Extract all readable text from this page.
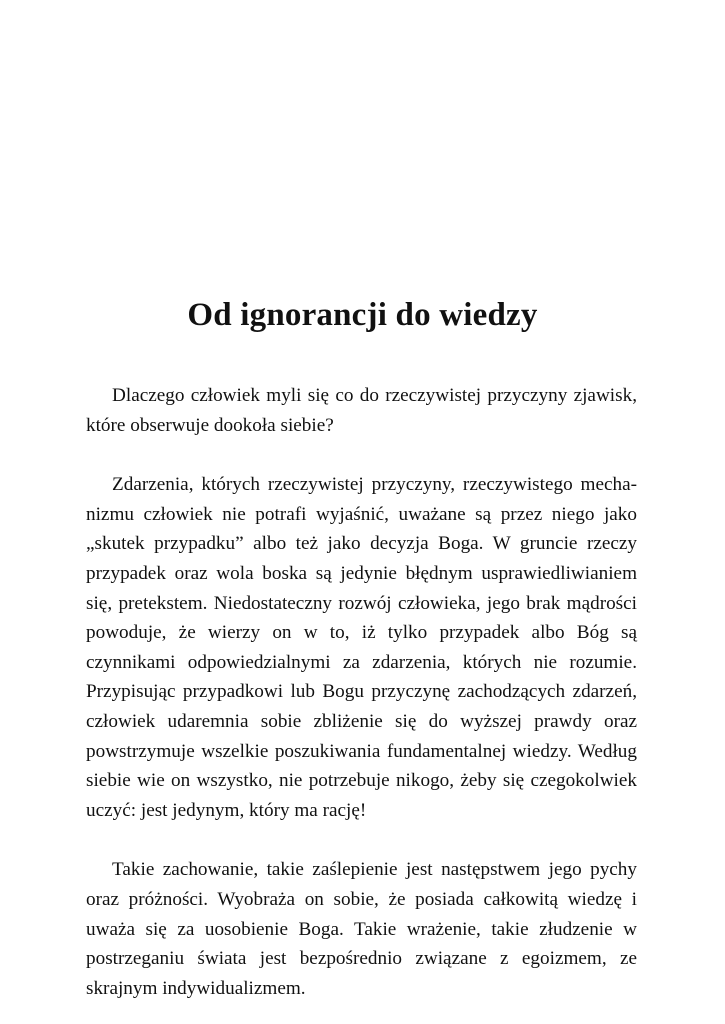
Od ignorancji do wiedzy

Dlaczego człowiek myli się co do rzeczywistej przyczyny zjawisk, które obserwuje dookoła siebie?

Zdarzenia, których rzeczywistej przyczyny, rzeczywistego mechanizmu człowiek nie potrafi wyjaśnić, uważane są przez niego jako „skutek przypadku” albo też jako decyzja Boga. W gruncie rzeczy przypadek oraz wola boska są jedynie błędnym usprawiedliwianiem się, pretekstem. Niedostateczny rozwój człowieka, jego brak mądrości powoduje, że wierzy on w to, iż tylko przypadek albo Bóg są czynnikami odpowiedzialnymi za zdarzenia, których nie rozumie. Przypisując przypadkowi lub Bogu przyczynę zachodzących zdarzeń, człowiek udaremnia sobie zbliżenie się do wyższej prawdy oraz powstrzymuje wszelkie poszukiwania fundamentalnej wiedzy. Według siebie wie on wszystko, nie potrzebuje nikogo, żeby się czegokolwiek uczyć: jest jedynym, który ma rację!

Takie zachowanie, takie zaślepienie jest następstwem jego pychy oraz próżności. Wyobraża on sobie, że posiada całkowitą wiedzę i uważa się za uosobienie Boga. Takie wrażenie, takie złudzenie w postrzeganiu świata jest bezpośrednio związane z egoizmem, ze skrajnym indywidualizmem.
